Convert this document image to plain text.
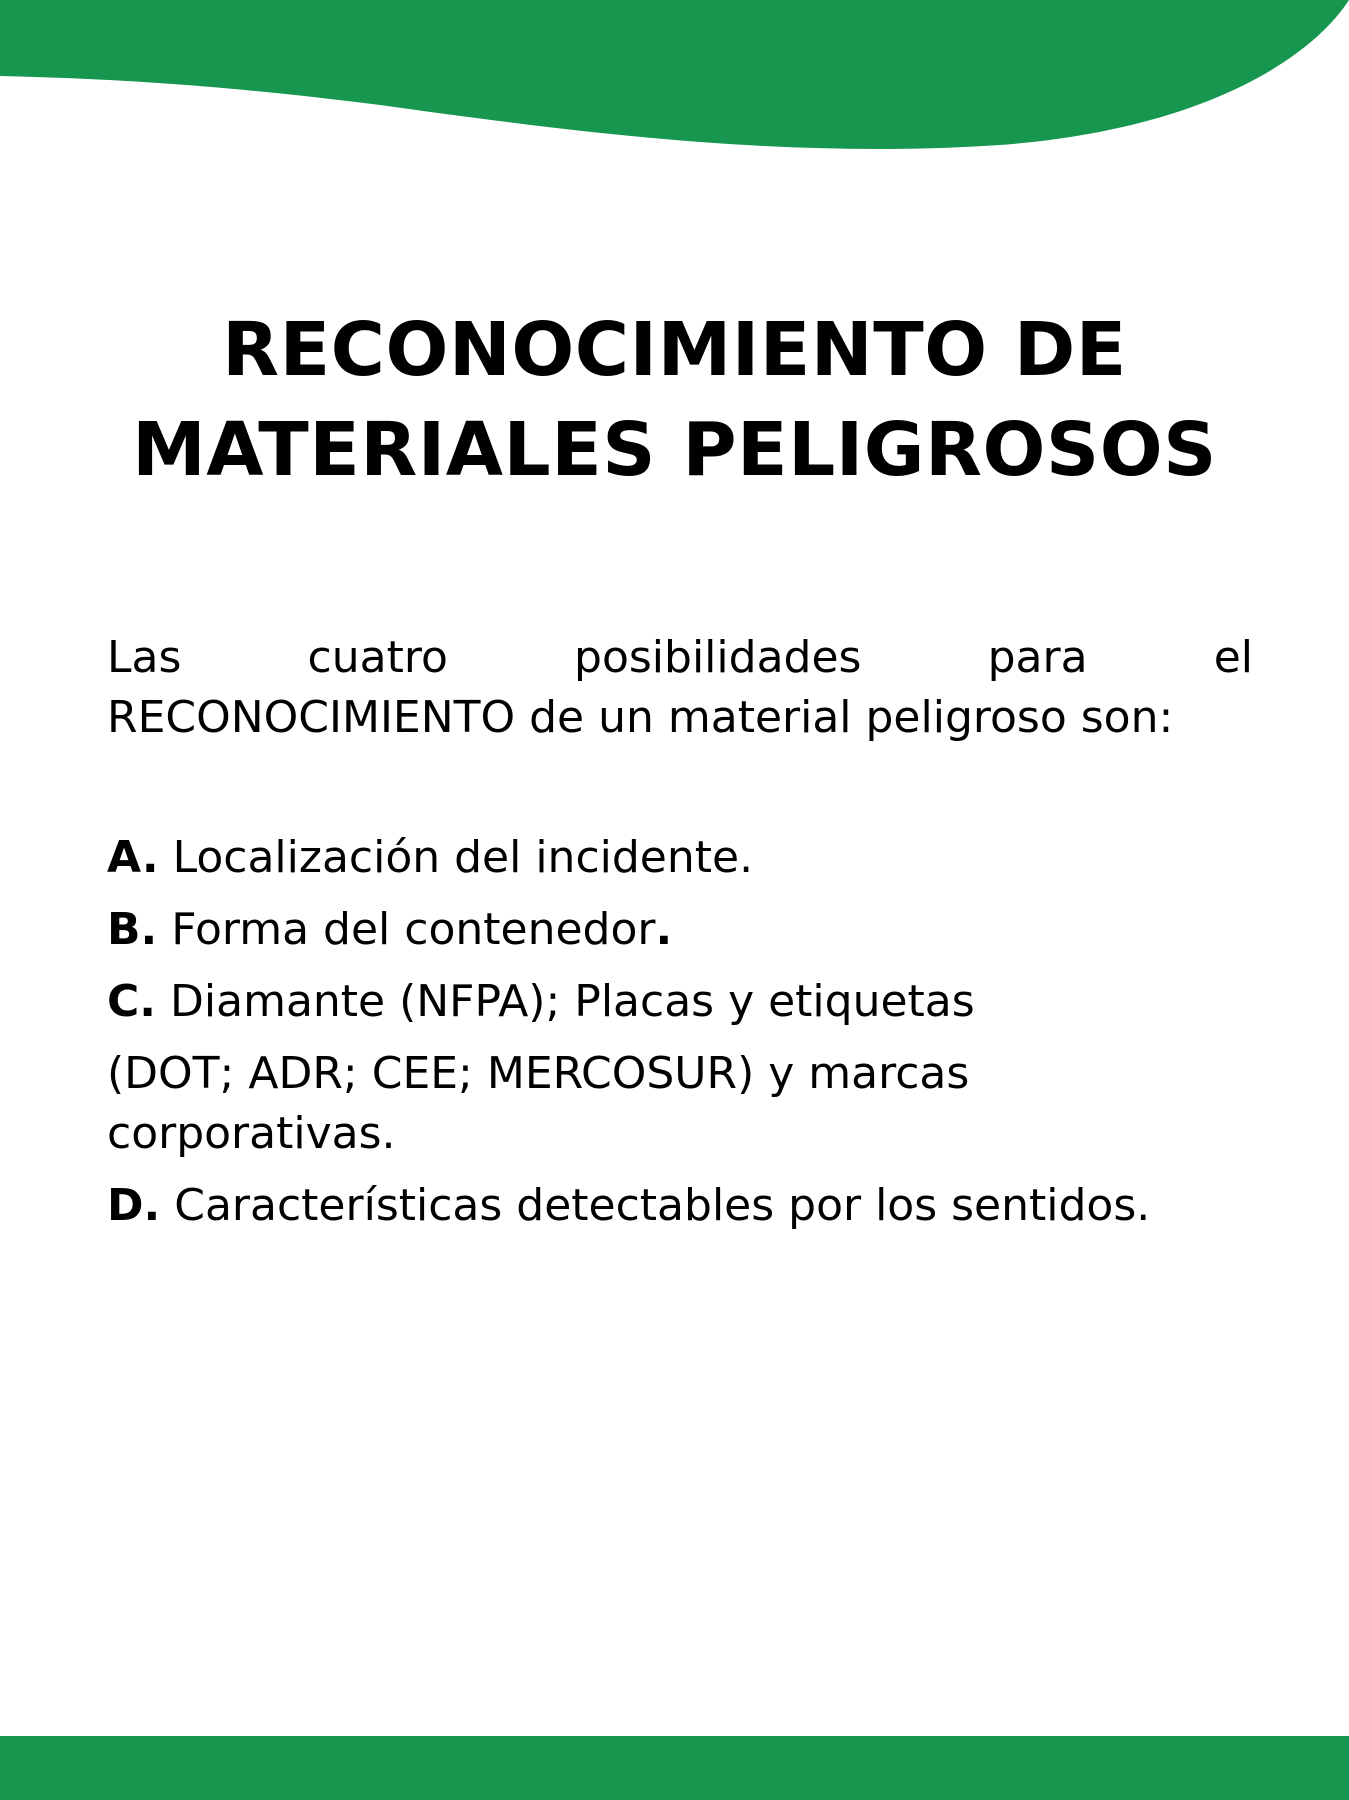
RECONOCIMIENTO DE
MATERIALES PELIGROSOS
Las	cuatro	posibilidades	para	el
RECONOCIMIENTO de un material peligroso son:
A. Localización del incidente.
B. Forma del contenedor.
C. Diamante (NFPA); Placas y etiquetas
(DOT; ADR; CEE; MERCOSUR) y marcas corporativas.
D. Características detectables por los sentidos.
